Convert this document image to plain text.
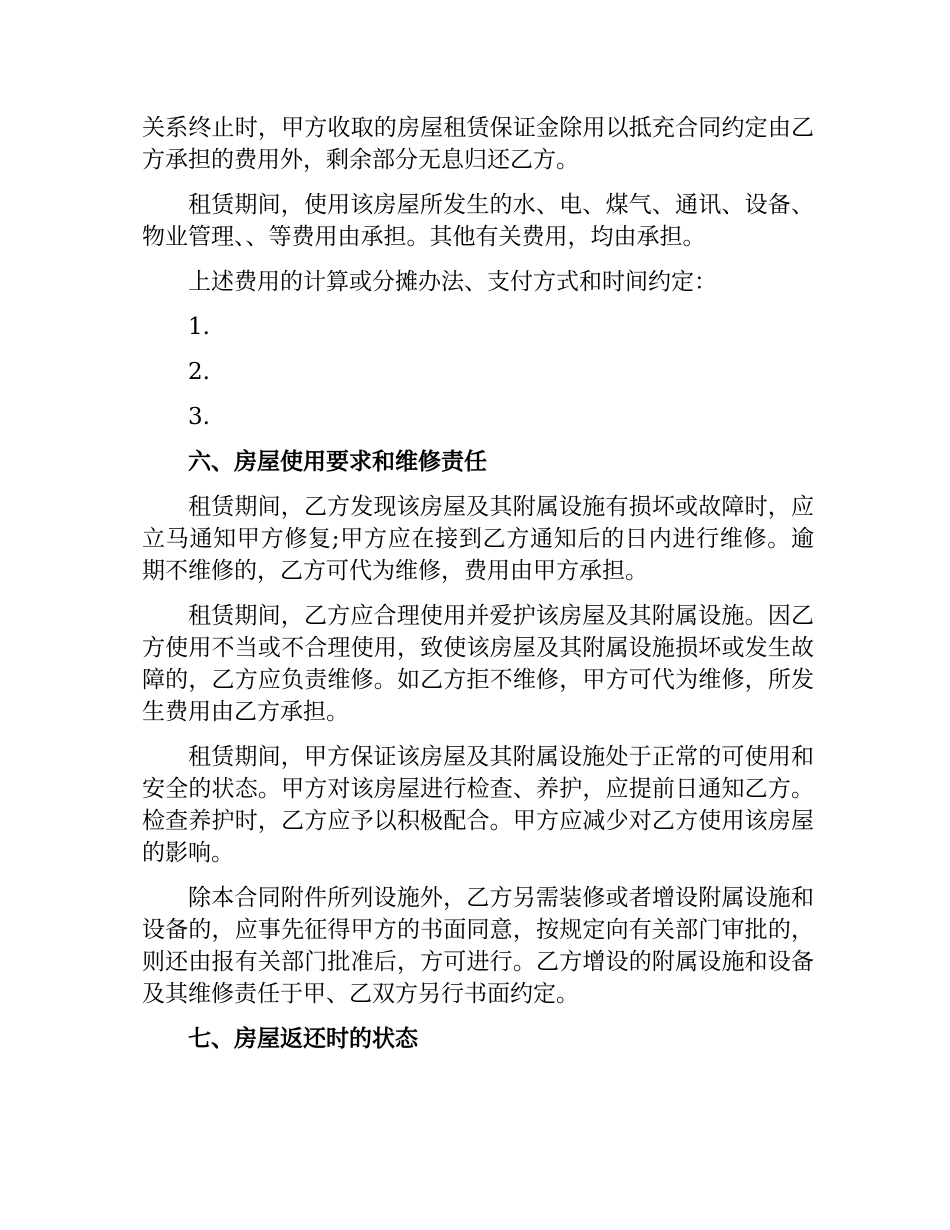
关系终止时，甲方收取的房屋租赁保证金除用以抵充合同约定由乙方承担的费用外，剩余部分无息归还乙方。

租赁期间，使用该房屋所发生的水、电、煤气、通讯、设备、物业管理、、等费用由承担。其他有关费用，均由承担。

上述费用的计算或分摊办法、支付方式和时间约定：

1.

2.

3.

六、房屋使用要求和维修责任

租赁期间，乙方发现该房屋及其附属设施有损坏或故障时，应立马通知甲方修复;甲方应在接到乙方通知后的日内进行维修。逾期不维修的，乙方可代为维修，费用由甲方承担。

租赁期间，乙方应合理使用并爱护该房屋及其附属设施。因乙方使用不当或不合理使用，致使该房屋及其附属设施损坏或发生故障的，乙方应负责维修。如乙方拒不维修，甲方可代为维修，所发生费用由乙方承担。

租赁期间，甲方保证该房屋及其附属设施处于正常的可使用和安全的状态。甲方对该房屋进行检查、养护，应提前日通知乙方。检查养护时，乙方应予以积极配合。甲方应减少对乙方使用该房屋的影响。

除本合同附件所列设施外，乙方另需装修或者增设附属设施和设备的，应事先征得甲方的书面同意，按规定向有关部门审批的，则还由报有关部门批准后，方可进行。乙方增设的附属设施和设备及其维修责任于甲、乙双方另行书面约定。

七、房屋返还时的状态
